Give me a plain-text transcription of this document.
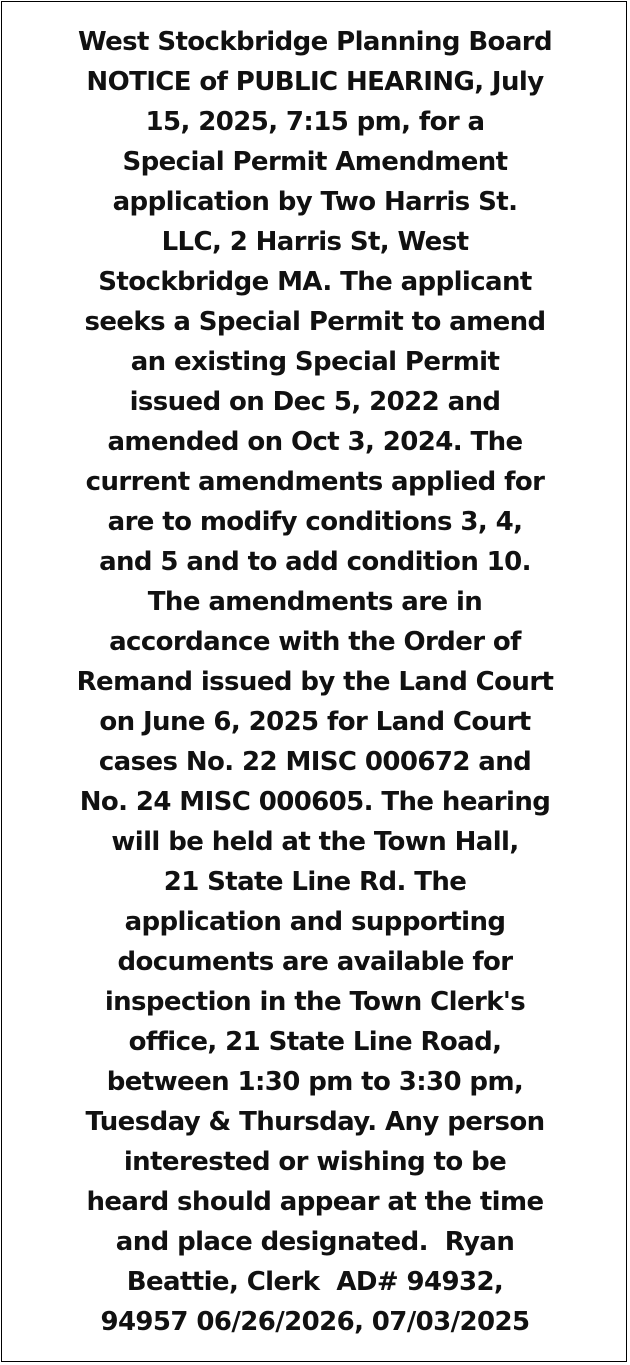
West Stockbridge Planning Board
NOTICE of PUBLIC HEARING, July
15, 2025, 7:15 pm, for a
Special Permit Amendment
application by Two Harris St.
LLC, 2 Harris St, West
Stockbridge MA. The applicant
seeks a Special Permit to amend
an existing Special Permit
issued on Dec 5, 2022 and
amended on Oct 3, 2024. The
current amendments applied for
are to modify conditions 3, 4,
and 5 and to add condition 10.
The amendments are in
accordance with the Order of
Remand issued by the Land Court
on June 6, 2025 for Land Court
cases No. 22 MISC 000672 and
No. 24 MISC 000605. The hearing
will be held at the Town Hall,
21 State Line Rd. The
application and supporting
documents are available for
inspection in the Town Clerk's
office, 21 State Line Road,
between 1:30 pm to 3:30 pm,
Tuesday & Thursday. Any person
interested or wishing to be
heard should appear at the time
and place designated.  Ryan
Beattie, Clerk  AD# 94932,
94957 06/26/2026, 07/03/2025
